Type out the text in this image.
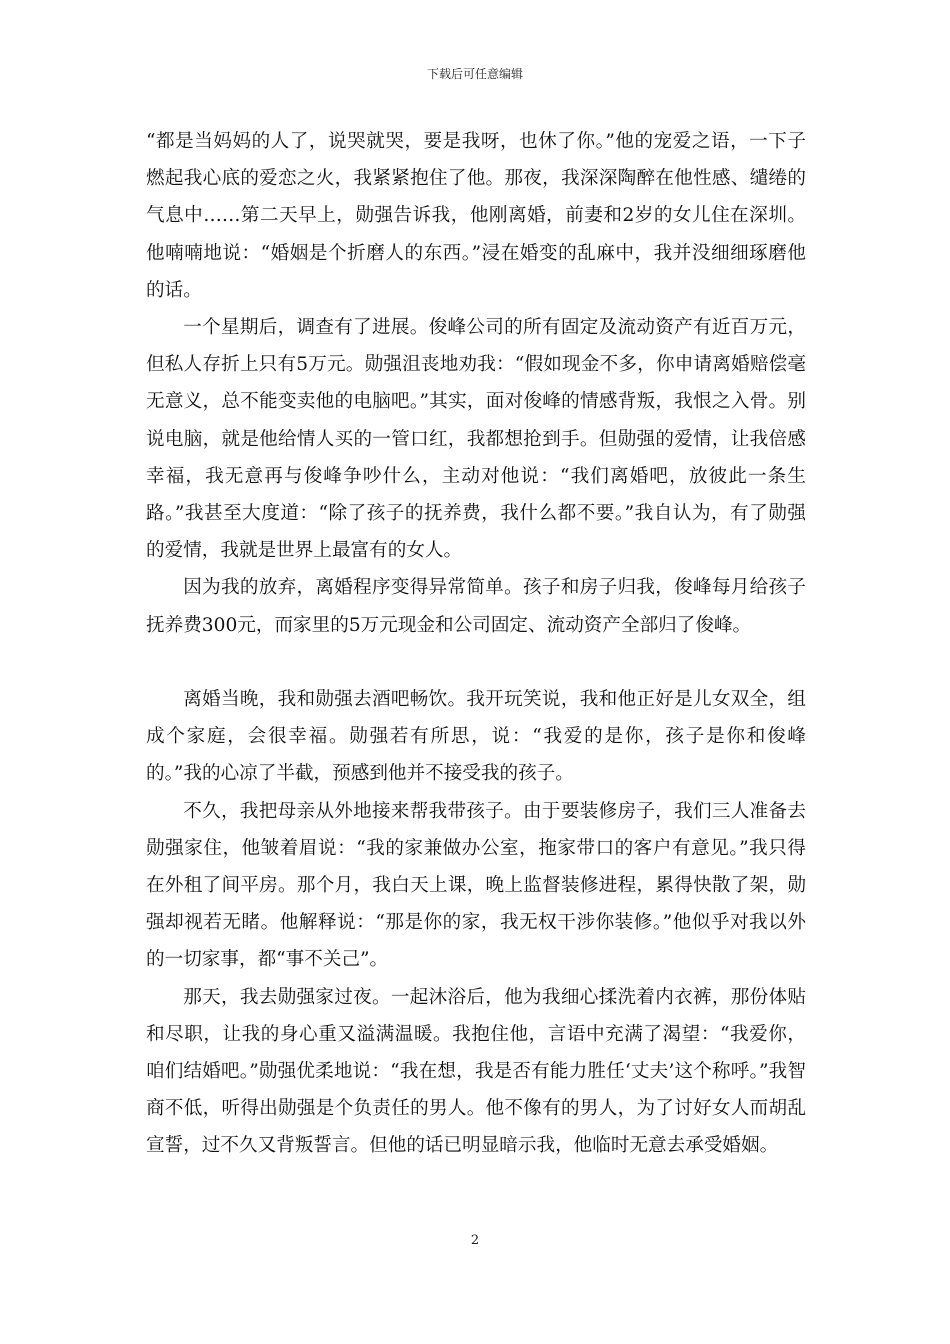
下载后可任意编辑

“都是当妈妈的人了，说哭就哭，要是我呀，也休了你。”他的宠爱之语，一下子燃起我心底的爱恋之火，我紧紧抱住了他。那夜，我深深陶醉在他性感、缱绻的气息中……第二天早上，勋强告诉我，他刚离婚，前妻和2岁的女儿住在深圳。他喃喃地说：“婚姻是个折磨人的东西。”浸在婚变的乱麻中，我并没细细琢磨他的话。

一个星期后，调查有了进展。俊峰公司的所有固定及流动资产有近百万元，但私人存折上只有5万元。勋强沮丧地劝我：“假如现金不多，你申请离婚赔偿毫无意义，总不能变卖他的电脑吧。”其实，面对俊峰的情感背叛，我恨之入骨。别说电脑，就是他给情人买的一管口红，我都想抢到手。但勋强的爱情，让我倍感幸福，我无意再与俊峰争吵什么，主动对他说：“我们离婚吧，放彼此一条生路。”我甚至大度道：“除了孩子的抚养费，我什么都不要。”我自认为，有了勋强的爱情，我就是世界上最富有的女人。

因为我的放弃，离婚程序变得异常简单。孩子和房子归我，俊峰每月给孩子抚养费300元，而家里的5万元现金和公司固定、流动资产全部归了俊峰。

离婚当晚，我和勋强去酒吧畅饮。我开玩笑说，我和他正好是儿女双全，组成个家庭，会很幸福。勋强若有所思，说：“我爱的是你，孩子是你和俊峰的。”我的心凉了半截，预感到他并不接受我的孩子。

不久，我把母亲从外地接来帮我带孩子。由于要装修房子，我们三人准备去勋强家住，他皱着眉说：“我的家兼做办公室，拖家带口的客户有意见。”我只得在外租了间平房。那个月，我白天上课，晚上监督装修进程，累得快散了架，勋强却视若无睹。他解释说：“那是你的家，我无权干涉你装修。”他似乎对我以外的一切家事，都“事不关己”。

那天，我去勋强家过夜。一起沐浴后，他为我细心揉洗着内衣裤，那份体贴和尽职，让我的身心重又溢满温暖。我抱住他，言语中充满了渴望：“我爱你，咱们结婚吧。”勋强优柔地说：“我在想，我是否有能力胜任‘丈夫’这个称呼。”我智商不低，听得出勋强是个负责任的男人。他不像有的男人，为了讨好女人而胡乱宣誓，过不久又背叛誓言。但他的话已明显暗示我，他临时无意去承受婚姻。

2
